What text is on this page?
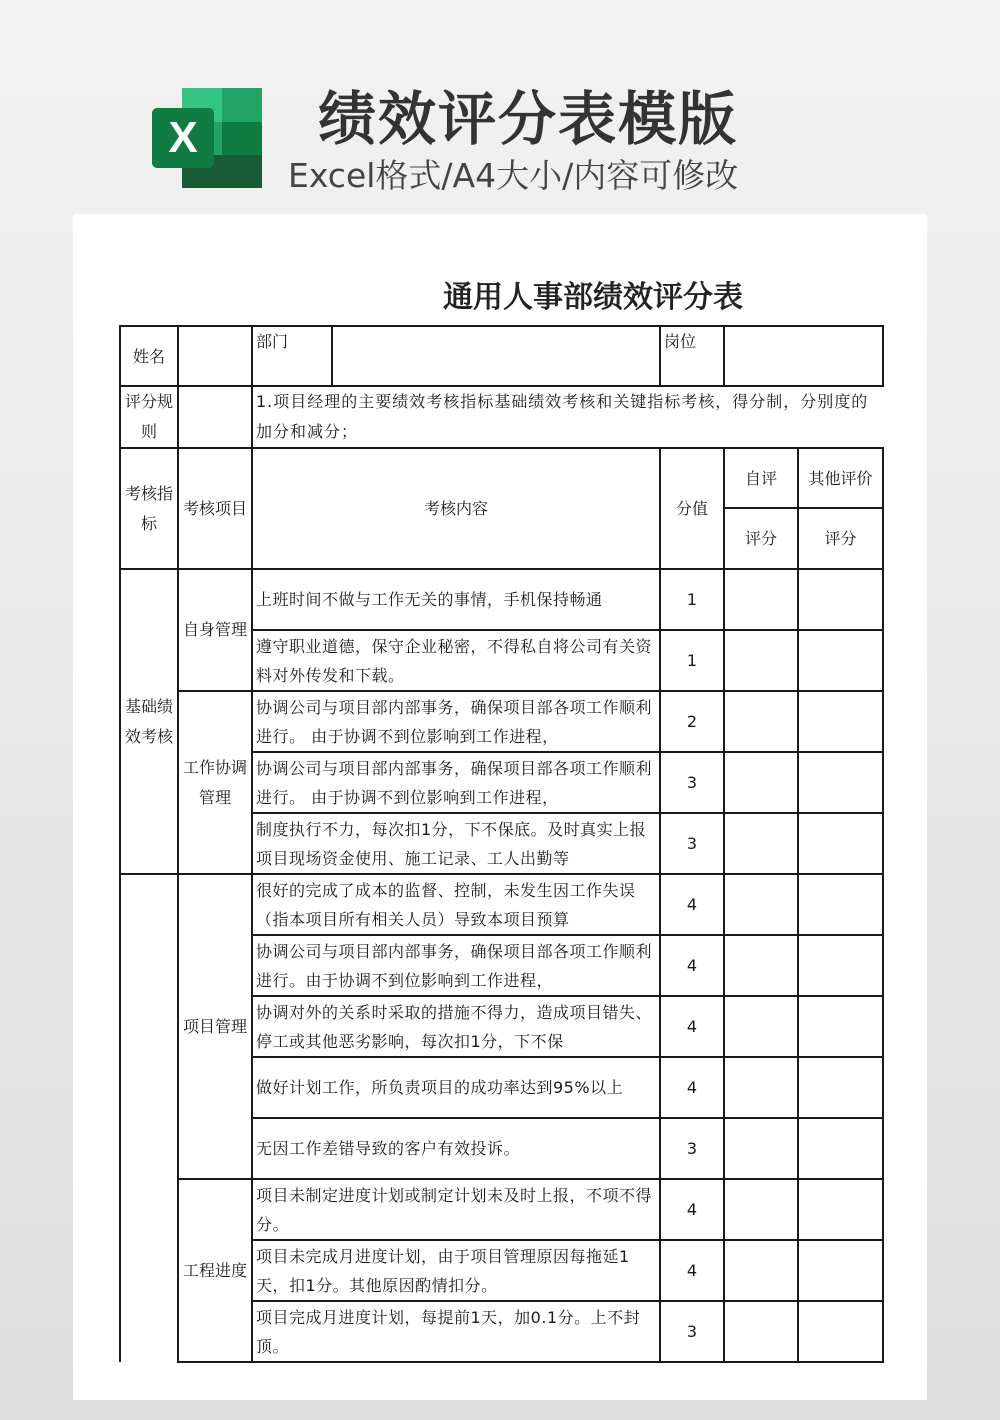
X 绩效评分表模版
Excel格式/A4大小/内容可修改
通用人事部绩效评分表
姓名		部门		岗位		
评分规则		1.项目经理的主要绩效考核指标基础绩效考核和关键指标考核，得分制，分别度的加分和减分；				
考核指标	考核项目	考核内容		分值	自评	其他评价
					评分	评分
基础绩效考核	自身管理	上班时间不做与工作无关的事情，手机保持畅通		1		
		遵守职业道德，保守企业秘密，不得私自将公司有关资料对外传发和下载。		1		
	工作协调管理	协调公司与项目部内部事务，确保项目部各项工作顺利进行。 由于协调不到位影响到工作进程，		2		
		协调公司与项目部内部事务，确保项目部各项工作顺利进行。 由于协调不到位影响到工作进程，		3		
		制度执行不力，每次扣1分，下不保底。及时真实上报项目现场资金使用、施工记录、工人出勤等		3		
	项目管理	很好的完成了成本的监督、控制，未发生因工作失误（指本项目所有相关人员）导致本项目预算		4		
		协调公司与项目部内部事务，确保项目部各项工作顺利进行。由于协调不到位影响到工作进程，		4		
		协调对外的关系时采取的措施不得力，造成项目错失、停工或其他恶劣影响，每次扣1分，下不保		4		
		做好计划工作，所负责项目的成功率达到95%以上		4		
		无因工作差错导致的客户有效投诉。		3		
	工程进度	项目未制定进度计划或制定计划未及时上报，不项不得分。		4		
		项目未完成月进度计划，由于项目管理原因每拖延1天，扣1分。其他原因酌情扣分。		4		
		项目完成月进度计划，每提前1天，加0.1分。上不封顶。		3		
